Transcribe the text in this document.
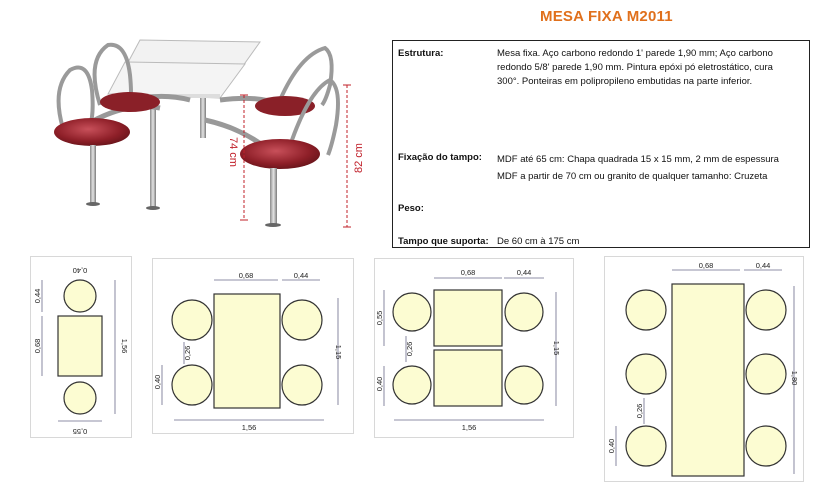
MESA FIXA M2011
Estrutura:	Mesa fixa. Aço carbono redondo 1' parede 1,90 mm; Aço carbono
redondo 5/8' parede 1,90 mm. Pintura epóxi pó eletrostático, cura
300°. Ponteiras em polipropileno embutidas na parte inferior.
Fixação do tampo: MDF até 65 cm: Chapa quadrada 15 x 15 mm, 2 mm de espessura
MDF a partir de 70 cm ou granito de qualquer tamanho: Cruzeta
Peso:
Tampo que suporta: De 60 cm à 175 cm
74 cm	82 cm
0,40
0,44
0,68	1,56
0,55
0,68	0,44
0,26
0,40
1,15
1,56
0,68	0,44
0,55
0,26
0,40
1,15
1,56
0,68	0,44
0,26
0,40
1,80
